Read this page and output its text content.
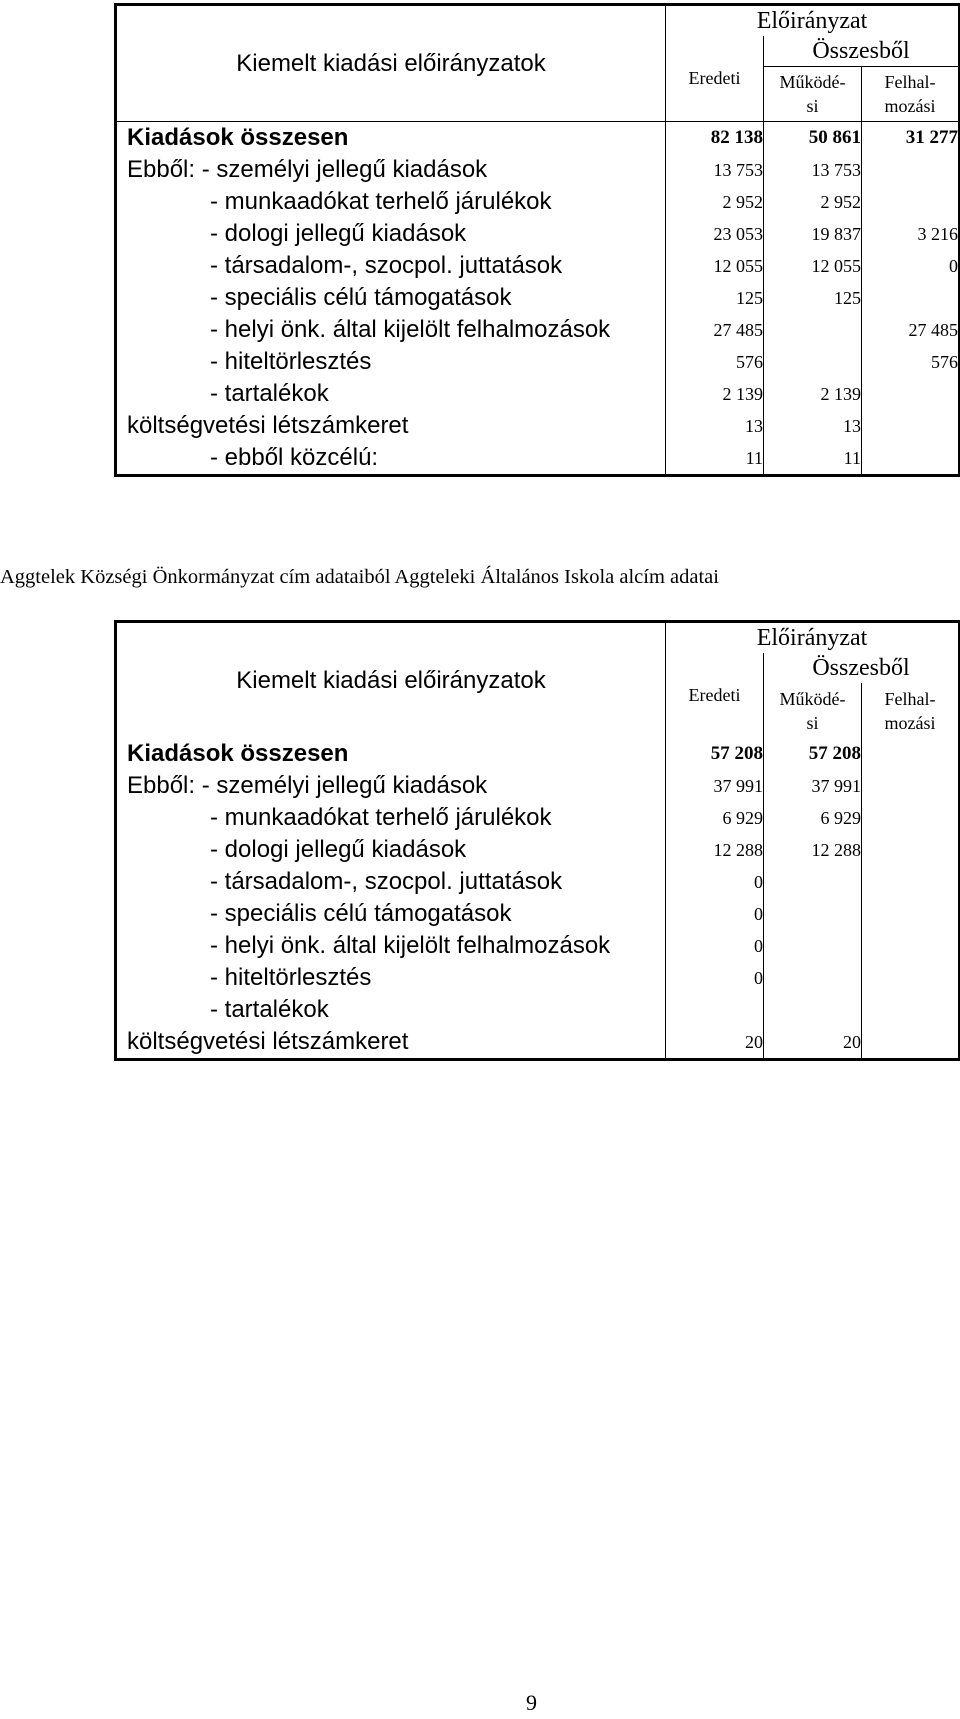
Kiemelt kiadási előirányzatok	Előirányzat		
	Eredeti	Összesből	
		Működé-
si	Felhal-
mozási
Kiadások összesen	82 138	50 861	31 277
Ebből: - személyi jellegű kiadások	13 753	13 753	
- munkaadókat terhelő járulékok	2 952	2 952	
- dologi jellegű kiadások	23 053	19 837	3 216
- társadalom-, szocpol. juttatások	12 055	12 055	0
- speciális célú támogatások	125	125	
- helyi önk. által kijelölt felhalmozások	27 485		27 485
- hiteltörlesztés	576		576
- tartalékok	2 139	2 139	
költségvetési létszámkeret	13	13	
- ebből közcélú:	11	11	
Aggtelek Községi Önkormányzat cím adataiból Aggteleki Általános Iskola alcím adatai
Kiemelt kiadási előirányzatok	Előirányzat		
	Eredeti	Összesből	
		Működé-
si	Felhal-
mozási
Kiadások összesen	57 208	57 208	
Ebből: - személyi jellegű kiadások	37 991	37 991	
- munkaadókat terhelő járulékok	6 929	6 929	
- dologi jellegű kiadások	12 288	12 288	
- társadalom-, szocpol. juttatások	0		
- speciális célú támogatások	0		
- helyi önk. által kijelölt felhalmozások	0		
- hiteltörlesztés	0		
- tartalékok			
költségvetési létszámkeret	20	20	
9
